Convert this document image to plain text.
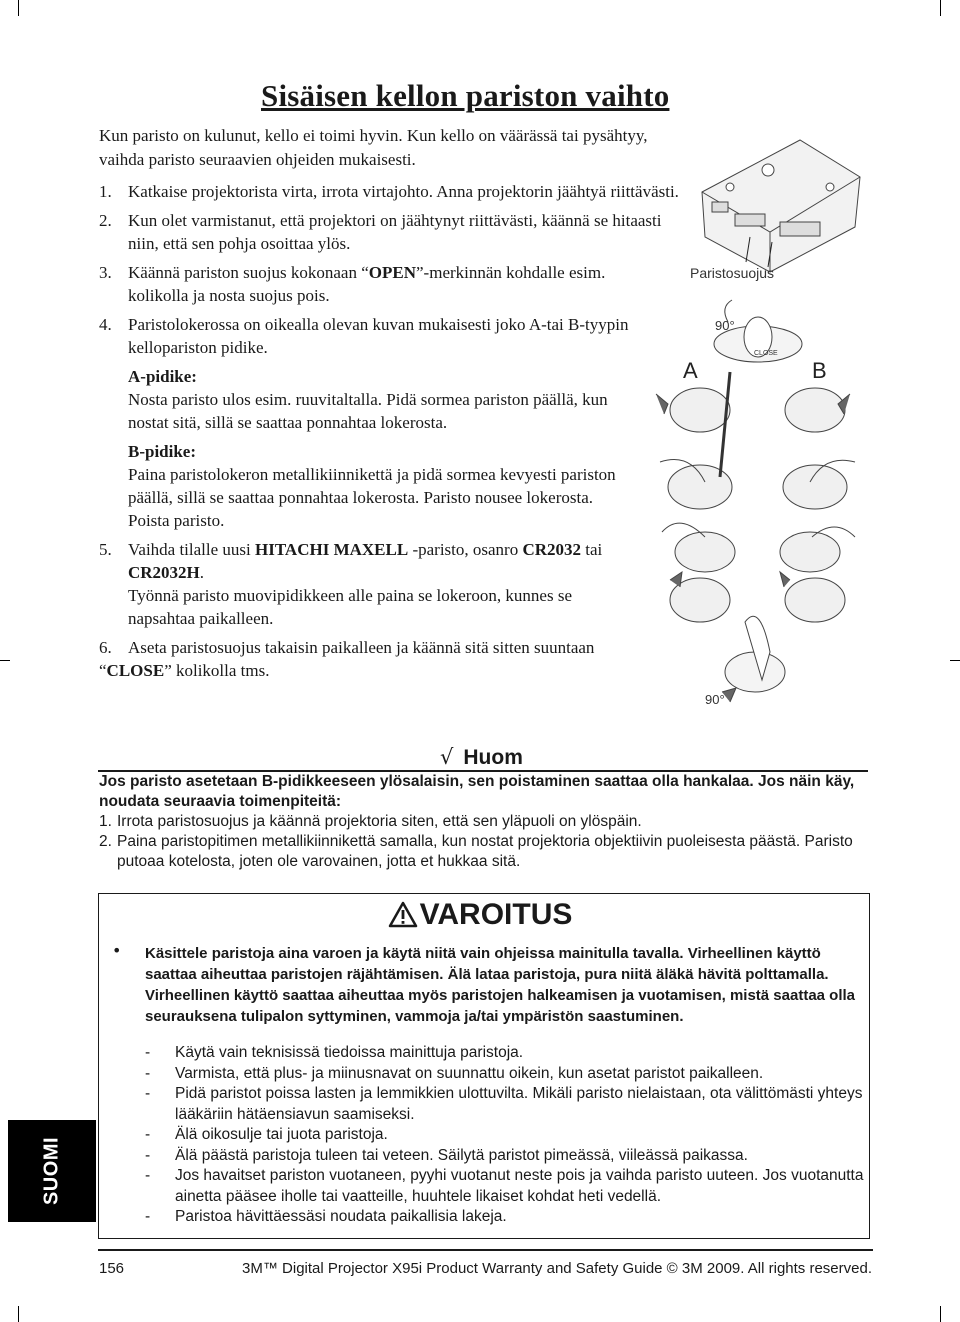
Sisäisen kellon pariston vaihto

Kun paristo on kulunut, kello ei toimi hyvin. Kun kello on väärässä tai pysähtyy, vaihda paristo seuraavien ohjeiden mukaisesti.

1. Katkaise projektorista virta, irrota virtajohto. Anna projektorin jäähtyä riittävästi.
2. Kun olet varmistanut, että projektori on jäähtynyt riittävästi, käännä se hitaasti niin, että sen pohja osoittaa ylös.
3. Käännä pariston suojus kokonaan “OPEN”-merkinnän kohdalle esim. kolikolla ja nosta suojus pois.
4. Paristolokerossa on oikealla olevan kuvan mukaisesti joko A-tai B-tyypin kellopariston pidike.
A-pidike:
Nosta paristo ulos esim. ruuvitaltalla. Pidä sormea pariston päällä, kun nostat sitä, sillä se saattaa ponnahtaa lokerosta.
B-pidike:
Paina paristolokeron metallikiinnikettä ja pidä sormea kevyesti pariston päällä, sillä se saattaa ponnahtaa lokerosta. Paristo nousee lokerosta. Poista paristo.
5. Vaihda tilalle uusi HITACHI MAXELL -paristo, osanro CR2032 tai CR2032H.
Työnnä paristo muovipidikkeen alle paina se lokeroon, kunnes se napsahtaa paikalleen.
6. Aseta paristosuojus takaisin paikalleen ja käännä sitä sitten suuntaan “CLOSE” kolikolla tms.
Paristosuojus
90°
CLOSE
A	B
90°
√ Huom
Jos paristo asetetaan B-pidikkeeseen ylösalaisin, sen poistaminen saattaa olla hankalaa. Jos näin käy, noudata seuraavia toimenpiteitä:
1. Irrota paristosuojus ja käännä projektoria siten, että sen yläpuoli on ylöspäin.
2. Paina paristopitimen metallikiinnikettä samalla, kun nostat projektoria objektiivin puoleisesta päästä. Paristo putoaa kotelosta, joten ole varovainen, jotta et hukkaa sitä.
VAROITUS
• Käsittele paristoja aina varoen ja käytä niitä vain ohjeissa mainitulla tavalla. Virheellinen käyttö saattaa aiheuttaa paristojen räjähtämisen. Älä lataa paristoja, pura niitä äläkä hävitä polttamalla. Virheellinen käyttö saattaa aiheuttaa myös paristojen halkeamisen ja vuotamisen, mistä saattaa olla seurauksena tulipalon syttyminen, vammoja ja/tai ympäristön saastuminen.

- Käytä vain teknisissä tiedoissa mainittuja paristoja.
- Varmista, että plus- ja miinusnavat on suunnattu oikein, kun asetat paristot paikalleen.
- Pidä paristot poissa lasten ja lemmikkien ulottuvilta. Mikäli paristo nielaistaan, ota välittömästi yhteys lääkäriin hätäensiavun saamiseksi.
- Älä oikosulje tai juota paristoja.
- Älä päästä paristoja tuleen tai veteen. Säilytä paristot pimeässä, viileässä paikassa.
- Jos havaitset pariston vuotaneen, pyyhi vuotanut neste pois ja vaihda paristo uuteen. Jos vuotanutta ainetta pääsee iholle tai vaatteille, huuhtele likaiset kohdat heti vedellä.
- Paristoa hävittäessäsi noudata paikallisia lakeja.
SUOMI
156	3M™ Digital Projector X95i Product Warranty and Safety Guide © 3M 2009. All rights reserved.
